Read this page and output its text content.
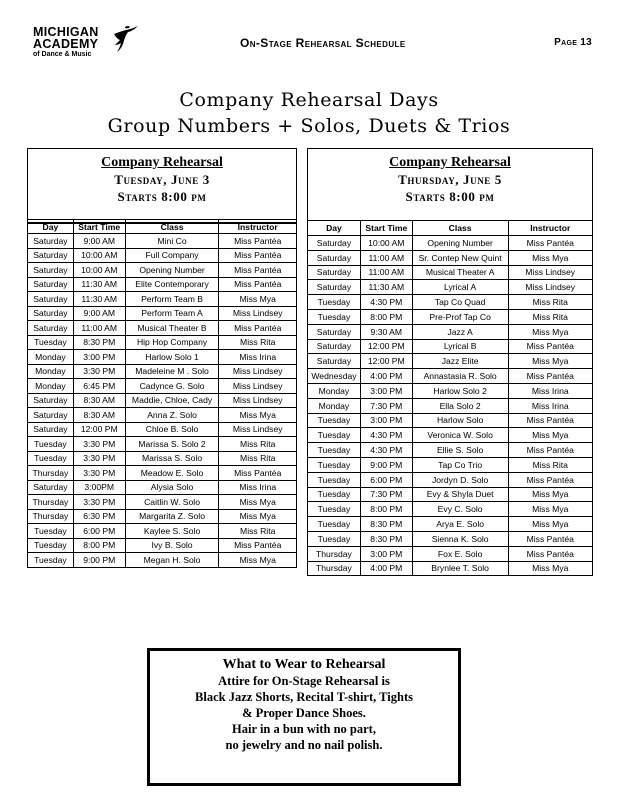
MICHIGAN
ACADEMY
of Dance & Music
On-Stage Rehearsal Schedule	Page 13
Company Rehearsal Days
Group Numbers + Solos, Duets & Trios
Company Rehearsal
Tuesday, June 3
Starts 8:00 pm
Day	Start Time	Class	Instructor
Saturday	9:00 AM	Mini Co	Miss Pantéa
Saturday	10:00 AM	Full Company	Miss Pantéa
Saturday	10:00 AM	Opening Number	Miss Pantéa
Saturday	11:30 AM	Elite Contemporary	Miss Pantéa
Saturday	11:30 AM	Perform Team B	Miss Mya
Saturday	9:00 AM	Perform Team A	Miss Lindsey
Saturday	11:00 AM	Musical Theater B	Miss Pantéa
Tuesday	8:30 PM	Hip Hop Company	Miss Rita
Monday	3:00 PM	Harlow Solo 1	Miss Irina
Monday	3:30 PM	Madeleine M . Solo	Miss Lindsey
Monday	6:45 PM	Cadynce G. Solo	Miss Lindsey
Saturday	8:30 AM	Maddie, Chloe, Cady	Miss Lindsey
Saturday	8:30 AM	Anna Z. Solo	Miss Mya
Saturday	12:00 PM	Chloe B. Solo	Miss Lindsey
Tuesday	3:30 PM	Marissa S. Solo 2	Miss Rita
Tuesday	3:30 PM	Marissa S. Solo	Miss Rita
Thursday	3:30 PM	Meadow E. Solo	Miss Pantéa
Saturday	3:00PM	Alysia Solo	Miss Irina
Thursday	3:30 PM	Caitlin W. Solo	Miss Mya
Thursday	6:30 PM	Margarita Z. Solo	Miss Mya
Tuesday	6:00 PM	Kaylee S. Solo	Miss Rita
Tuesday	8:00 PM	Ivy B. Solo	Miss Pantéa
Tuesday	9:00 PM	Megan H. Solo	Miss Mya
Company Rehearsal
Thursday, June 5
Starts 8:00 pm
Day	Start Time	Class	Instructor
Saturday	10:00 AM	Opening Number	Miss Pantéa
Saturday	11:00 AM	Sr. Contep New Quint	Miss Mya
Saturday	11:00 AM	Musical Theater A	Miss Lindsey
Saturday	11:30 AM	Lyrical A	Miss Lindsey
Tuesday	4:30 PM	Tap Co Quad	Miss Rita
Tuesday	8:00 PM	Pre-Prof Tap Co	Miss Rita
Saturday	9:30 AM	Jazz A	Miss Mya
Saturday	12:00 PM	Lyrical B	Miss Pantéa
Saturday	12:00 PM	Jazz Elite	Miss Mya
Wednesday	4:00 PM	Annastasia R. Solo	Miss Pantéa
Monday	3:00 PM	Harlow Solo 2	Miss Irina
Monday	7:30 PM	Ella Solo 2	Miss Irina
Tuesday	3:00 PM	Harlow Solo	Miss Pantéa
Tuesday	4:30 PM	Veronica W. Solo	Miss Mya
Tuesday	4:30 PM	Ellie S. Solo	Miss Pantéa
Tuesday	9:00 PM	Tap Co Trio	Miss Rita
Tuesday	6:00 PM	Jordyn D. Solo	Miss Pantéa
Tuesday	7:30 PM	Evy & Shyla Duet	Miss Mya
Tuesday	8:00 PM	Evy C. Solo	Miss Mya
Tuesday	8:30 PM	Arya E. Solo	Miss Mya
Tuesday	8:30 PM	Sienna K. Solo	Miss Pantéa
Thursday	3:00 PM	Fox E. Solo	Miss Pantéa
Thursday	4:00 PM	Brynlee T. Solo	Miss Mya
What to Wear to Rehearsal
Attire for On-Stage Rehearsal is
Black Jazz Shorts, Recital T-shirt, Tights
& Proper Dance Shoes.
Hair in a bun with no part,
no jewelry and no nail polish.
